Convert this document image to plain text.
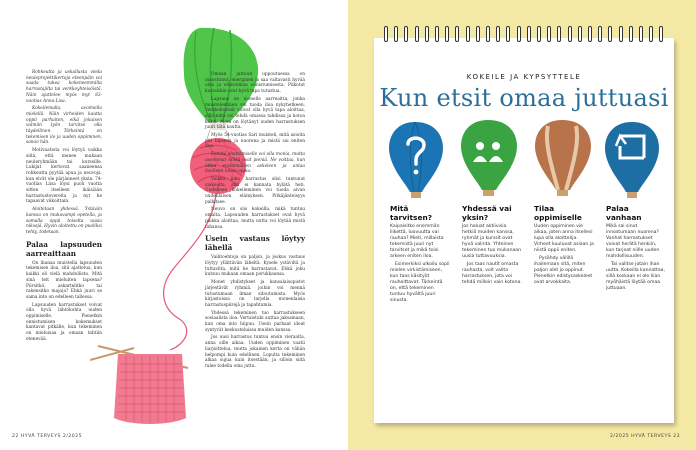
Rohkeutta ja uskallusta vieda neuleprojektikertoja eteenpäin voi saada tukea kokeneemmilta harrastajilta tai verkkoyhteisöistä. Näin ajattelee myös myt 83-vuotias Anna-Lisa.

Kokeilemalla, avoimella mielellä. Näin virheiden kautta oppii parhaiten, eikä jokaisen valmiin työn tarvitse olla täydellinen. Tärkeintä on tekemisen ilo ja uuden oppiminen, sanoo hän.

Motivaatiota voi löytyä vaikka siitä, että menee mukaan neuleryhmään tai kurssille. Lukijat kertovat saaneensa rohkeutta pyytää apua ja neuvoja, kun eivät ole pärjänneet yksin. 74-vuotias Liisa löysi puoli vuotta sitten itselleen ikäisiään harrastustovereita ja nyt he tapaavat viikoittain.

Aloitetaan yhdessä. Ystävän kanssa on mukavampi opetella, ja samalla oppii toiselta uusia niksejä. Hyvin aloitettu on puoliksi tehty, todetaan.

Palaa lapsuuden aarreaittaan

On ihanaa muistella lapsuuden tekemisen iloa, sitä ajattelua, kun kaikki oli vielä mahdollista. Mitä sinä teit mieluiten lapsena? Piirsitkö, askartelitko tai rakensitko majoja? Ehkä juuri se sama into on edelleen tallessa.

Lapsuuden harrastukset voivat olla hyvä lähtökohta uuden oppimiselle. Pienetkin onnistumisen kokemukset kantavat pitkälle, kun tekeminen on mieluisaa ja omaan tahtiin etenevää.

Omaan juttuun uppoutuessa on innostunut, energinen ja saa valtavasti hyvää oloa ja elinvoimaa onnistumisesta. Pilkotut kurssitkin ovat hyvä tapa tutustua.

Lapsuus on monelle aarreaitta, jonka muisteleminen voi tuoda iloa nykyhetkeen. Verkkokurssit voivat olla hyvä tapa aloittaa, sillä niitä voi tehdä omassa tahdissa ja kotoa käsin. Moni on löytänyt uuden harrastuksen juuri tätä kautta.

Myös 54-vuotias Sari muisteli, mitä asioita piti lapsena ja nuorena ja mistä sai eniten iloa.

Esteitä aloittamiselle voi olla monia, mutta useimmat niistä ovat pieniä. Ne voittaa, kun ottaa ensimmäisen askeleen ja antaa itselleen luvan oppia.

Vaikka joku harrastus olisi tuntunut vaikealta, sitä ei kannata hylätä heti. Uudelleen kokeileminen voi tuoda aivan uudenlaisen elämyksen. Pitkäjänteisyys palkitsee.

Neuvo on siis kokeilla, mikä tuntuu omalta. Lapsuuden harrastukset ovat hyvä paikka aloittaa, mutta uutta voi löytää mistä tahansa.

Usein vastaus löytyy lähellä

Vaihtoehtoja on paljon, ja joskus vastaus löytyy yllättävän läheltä. Kysele ystäviltä ja tuttavilta, mitä he harrastavat. Ehkä joku kutsuu mukaan omaan porukkaansa.

Monet yhdistykset ja kansalaisopistot järjestävät ryhmiä, joihin voi mennä tutustumaan ilman sitoutumista. Myös kirjastoissa on tarjolla monenlaisia harrastuspiirejä ja tapahtumia.

Yhdessä tekeminen tuo harrastukseen sosiaalista iloa. Vertaistuki auttaa jaksamaan, kun oma into hiipuu. Usein parhaat ideat syntyvät keskusteluissa muiden kanssa.

Jos uusi harrastus tuntuu ensin vieraalta, anna sille aikaa. Uuden oppiminen vaatii harjoittelua, mutta jokainen kerta on vähän helpompi kuin edellinen. Lopulta tekeminen alkaa sujua kuin itsestään, ja silloin siitä tulee todella oma juttu.

22 HYVÄ TERVEYS 2/2025
KOKEILE JA KYPSYTTELE
Kun etsit omaa juttuasi
Mitä tarvitsen?

Kaipaisitko enemmän liikettä, luovuutta vai rauhaa? Mieti, millaista tekemistä juuri nyt tarvitset ja mikä toisi arkeen eniten iloa.

Esimerkiksi ulkoilu sopii mielen virkistämiseen, kun taas käsityöt rauhoittavat. Tärkeintä on, että tekeminen tuntuu hyvältä juuri sinusta.

Yhdessä vai yksin?

Jos haluat aktiivisia hetkiä muiden kanssa, ryhmät ja kurssit ovat hyvä valinta. Yhteinen tekeminen tuo mukanaan uusia tuttavuuksia.

Jos taas nautit omasta rauhasta, voit valita harrastuksen, jota voi tehdä milloin vain kotona.

Tilaa oppimiselle

Uuden oppiminen vie aikaa, joten anna itsellesi lupa olla aloittelija. Virheet kuuluvat asiaan ja niistä oppii eniten.

Pysähdy välillä ihailemaan sitä, miten paljon olet jo oppinut. Pienetkin edistysaskeleet ovat arvokkaita.

Palaa vanhaan

Mikä sai sinut innostumaan nuorena? Vanhat harrastukset voivat herätä henkiin, kun tarjoat niille uuden mahdollisuuden.

Tai valitse jotain ihan uutta. Kokeilla kannattaa, sillä koskaan ei ole liian myöhäistä löytää omaa juttuaan.

2/2025 HYVÄ TERVEYS 23
